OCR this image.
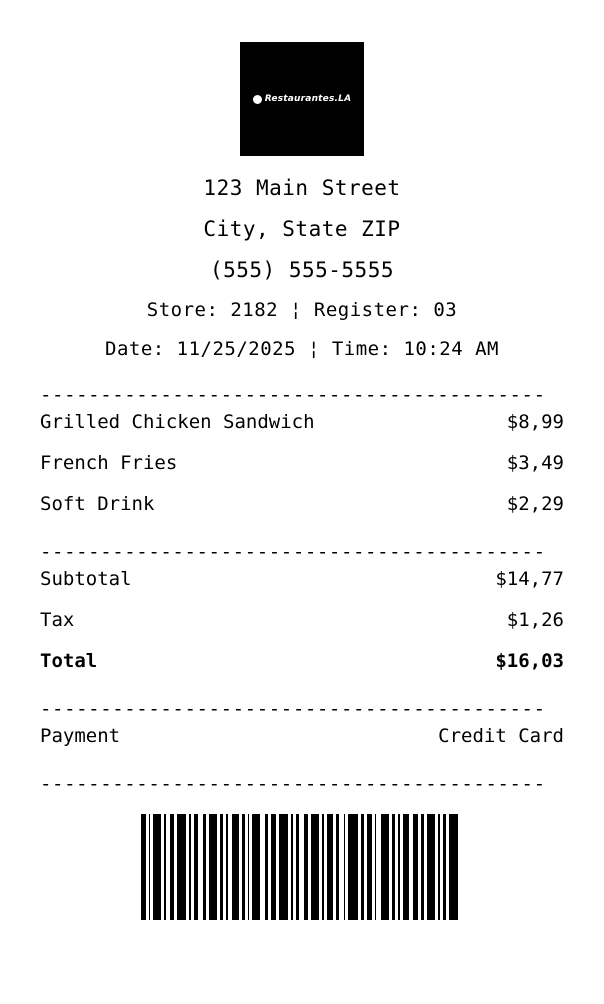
Restaurantes.LA
123 Main Street
City, State ZIP
(555) 555-5555
Store: 2182 ¦ Register: 03
Date: 11/25/2025 ¦ Time: 10:24 AM
------------------------------------------
Grilled Chicken Sandwich	$8,99
French Fries	$3,49
Soft Drink	$2,29
------------------------------------------
Subtotal	$14,77
Tax	$1,26
Total	$16,03
------------------------------------------
Payment	Credit Card
------------------------------------------
